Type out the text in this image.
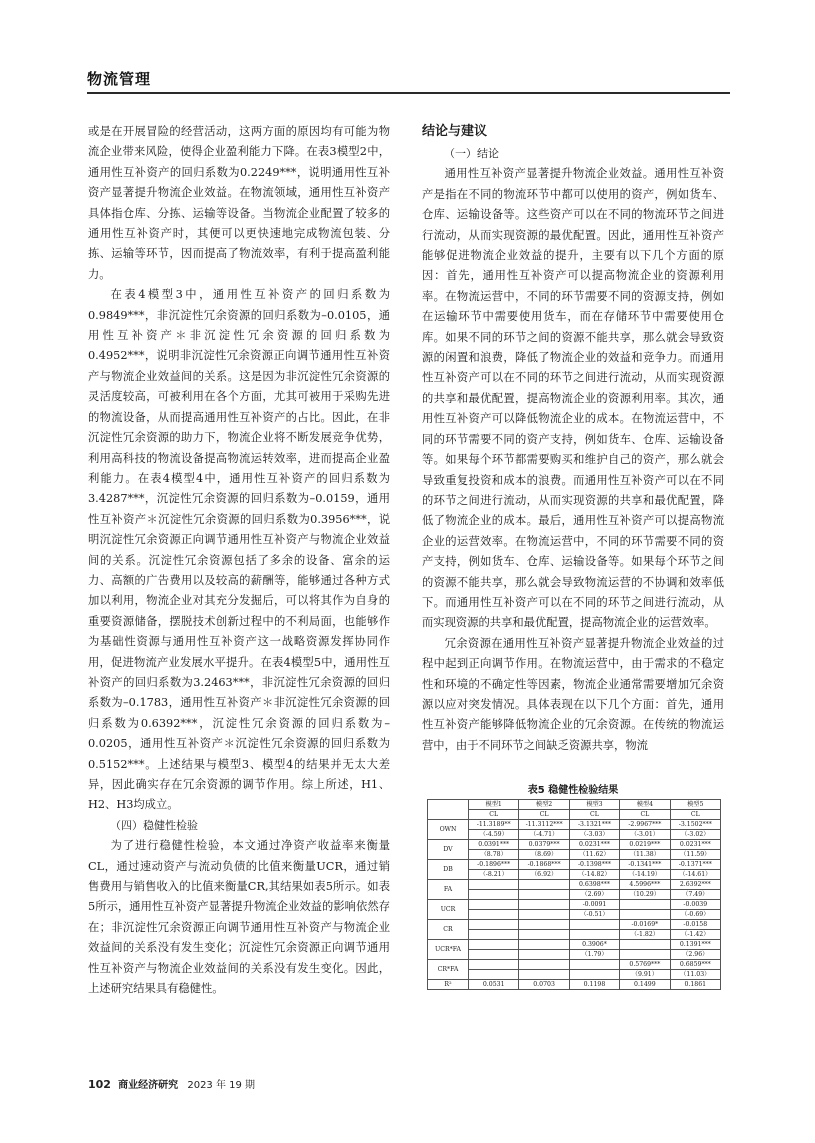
物流管理

或是在开展冒险的经营活动，这两方面的原因均有可能为物流企业带来风险，使得企业盈利能力下降。在表3模型2中，通用性互补资产的回归系数为0.2249***，说明通用性互补资产显著提升物流企业效益。在物流领域，通用性互补资产具体指仓库、分拣、运输等设备。当物流企业配置了较多的通用性互补资产时，其便可以更快速地完成物流包装、分拣、运输等环节，因而提高了物流效率，有利于提高盈利能力。

在表4模型3中，通用性互补资产的回归系数为0.9849***，非沉淀性冗余资源的回归系数为–0.0105，通用性互补资产＊非沉淀性冗余资源的回归系数为0.4952***，说明非沉淀性冗余资源正向调节通用性互补资产与物流企业效益间的关系。这是因为非沉淀性冗余资源的灵活度较高，可被利用在各个方面，尤其可被用于采购先进的物流设备，从而提高通用性互补资产的占比。因此，在非沉淀性冗余资源的助力下，物流企业将不断发展竞争优势，利用高科技的物流设备提高物流运转效率，进而提高企业盈利能力。在表4模型4中，通用性互补资产的回归系数为3.4287***，沉淀性冗余资源的回归系数为–0.0159，通用性互补资产＊沉淀性冗余资源的回归系数为0.3956***，说明沉淀性冗余资源正向调节通用性互补资产与物流企业效益间的关系。沉淀性冗余资源包括了多余的设备、富余的运力、高额的广告费用以及较高的薪酬等，能够通过各种方式加以利用，物流企业对其充分发掘后，可以将其作为自身的重要资源储备，摆脱技术创新过程中的不利局面，也能够作为基础性资源与通用性互补资产这一战略资源发挥协同作用，促进物流产业发展水平提升。在表4模型5中，通用性互补资产的回归系数为3.2463***，非沉淀性冗余资源的回归系数为–0.1783，通用性互补资产＊非沉淀性冗余资源的回归系数为0.6392***，沉淀性冗余资源的回归系数为–0.0205，通用性互补资产＊沉淀性冗余资源的回归系数为0.5152***。上述结果与模型3、模型4的结果并无太大差异，因此确实存在冗余资源的调节作用。综上所述，H1、H2、H3均成立。

（四）稳健性检验

为了进行稳健性检验，本文通过净资产收益率来衡量CL，通过速动资产与流动负债的比值来衡量UCR，通过销售费用与销售收入的比值来衡量CR,其结果如表5所示。如表5所示，通用性互补资产显著提升物流企业效益的影响依然存在；非沉淀性冗余资源正向调节通用性互补资产与物流企业效益间的关系没有发生变化；沉淀性冗余资源正向调节通用性互补资产与物流企业效益间的关系没有发生变化。因此，上述研究结果具有稳健性。

结论与建议

（一）结论

通用性互补资产显著提升物流企业效益。通用性互补资产是指在不同的物流环节中都可以使用的资产，例如货车、仓库、运输设备等。这些资产可以在不同的物流环节之间进行流动，从而实现资源的最优配置。因此，通用性互补资产能够促进物流企业效益的提升，主要有以下几个方面的原因：首先，通用性互补资产可以提高物流企业的资源利用率。在物流运营中，不同的环节需要不同的资源支持，例如在运输环节中需要使用货车，而在存储环节中需要使用仓库。如果不同的环节之间的资源不能共享，那么就会导致资源的闲置和浪费，降低了物流企业的效益和竞争力。而通用性互补资产可以在不同的环节之间进行流动，从而实现资源的共享和最优配置，提高物流企业的资源利用率。其次，通用性互补资产可以降低物流企业的成本。在物流运营中，不同的环节需要不同的资产支持，例如货车、仓库、运输设备等。如果每个环节都需要购买和维护自己的资产，那么就会导致重复投资和成本的浪费。而通用性互补资产可以在不同的环节之间进行流动，从而实现资源的共享和最优配置，降低了物流企业的成本。最后，通用性互补资产可以提高物流企业的运营效率。在物流运营中，不同的环节需要不同的资产支持，例如货车、仓库、运输设备等。如果每个环节之间的资源不能共享，那么就会导致物流运营的不协调和效率低下。而通用性互补资产可以在不同的环节之间进行流动，从而实现资源的共享和最优配置，提高物流企业的运营效率。

冗余资源在通用性互补资产显著提升物流企业效益的过程中起到正向调节作用。在物流运营中，由于需求的不稳定性和环境的不确定性等因素，物流企业通常需要增加冗余资源以应对突发情况。具体表现在以下几个方面：首先，通用性互补资产能够降低物流企业的冗余资源。在传统的物流运营中，由于不同环节之间缺乏资源共享，物流

表5 稳健性检验结果
	模型1	模型2	模型3	模型4	模型5
	CL	CL	CL	CL	CL
OWN	-11.3189**	-11.3112***	-3.1321***	-2.9967***	-3.1502***
	（-4.59）	（-4.71）	（-3.03）	（-3.01）	（-3.02）
DV	0.0391***	0.0379***	0.0231***	0.0219***	0.0231***
	（8.78）	（8.69）	（11.62）	（11.38）	（11.59）
DB	-0.1896***	-0.1868***	-0.1398***	-0.1341***	-0.1371***
	（-8.21）	（6.92）	（-14.82）	（-14.19）	（-14.61）
FA			0.6398***	4.5996***	2.6392***
			（2.69）	（10.29）	（7.49）
UCR			-0.0091		-0.0039
			（-0.51）		（-0.69）
CR				-0.0169*	-0.0158
				（-1.82）	（-1.42）
UCR*FA			0.3906*		0.1391***
			（1.79）		（2.96）
CR*FA				0.5769***	0.6859***
				（9.91）	（11.03）
R²	0.0531	0.0703	0.1198	0.1499	0.1861
102 商业经济研究 2023 年 19 期
